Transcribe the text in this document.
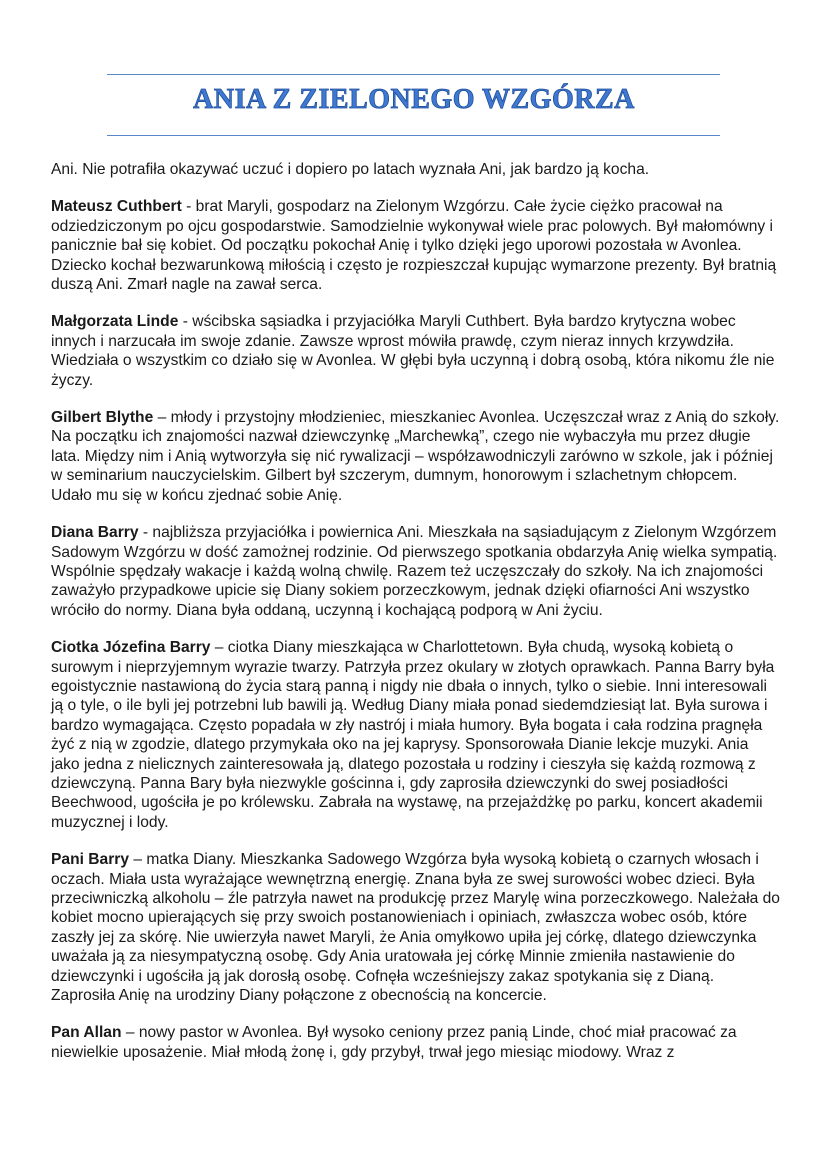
ANIA Z ZIELONEGO WZGÓRZA

Ani. Nie potrafiła okazywać uczuć i dopiero po latach wyznała Ani, jak bardzo ją kocha.

Mateusz Cuthbert - brat Maryli, gospodarz na Zielonym Wzgórzu. Całe życie ciężko pracował na odziedziczonym po ojcu gospodarstwie. Samodzielnie wykonywał wiele prac polowych. Był małomówny i panicznie bał się kobiet. Od początku pokochał Anię i tylko dzięki jego uporowi pozostała w Avonlea. Dziecko kochał bezwarunkową miłością i często je rozpieszczał kupując wymarzone prezenty. Był bratnią duszą Ani. Zmarł nagle na zawał serca.

Małgorzata Linde - wścibska sąsiadka i przyjaciółka Maryli Cuthbert. Była bardzo krytyczna wobec innych i narzucała im swoje zdanie. Zawsze wprost mówiła prawdę, czym nieraz innych krzywdziła. Wiedziała o wszystkim co działo się w Avonlea. W głębi była uczynną i dobrą osobą, która nikomu źle nie życzy.

Gilbert Blythe – młody i przystojny młodzieniec, mieszkaniec Avonlea. Uczęszczał wraz z Anią do szkoły. Na początku ich znajomości nazwał dziewczynkę „Marchewką”, czego nie wybaczyła mu przez długie lata. Między nim i Anią wytworzyła się nić rywalizacji – współzawodniczyli zarówno w szkole, jak i później w seminarium nauczycielskim. Gilbert był szczerym, dumnym, honorowym i szlachetnym chłopcem. Udało mu się w końcu zjednać sobie Anię.

Diana Barry - najbliższa przyjaciółka i powiernica Ani. Mieszkała na sąsiadującym z Zielonym Wzgórzem Sadowym Wzgórzu w dość zamożnej rodzinie. Od pierwszego spotkania obdarzyła Anię wielka sympatią. Wspólnie spędzały wakacje i każdą wolną chwilę. Razem też uczęszczały do szkoły. Na ich znajomości zaważyło przypadkowe upicie się Diany sokiem porzeczkowym, jednak dzięki ofiarności Ani wszystko wróciło do normy. Diana była oddaną, uczynną i kochającą podporą w Ani życiu.

Ciotka Józefina Barry – ciotka Diany mieszkająca w Charlottetown. Była chudą, wysoką kobietą o surowym i nieprzyjemnym wyrazie twarzy. Patrzyła przez okulary w złotych oprawkach. Panna Barry była egoistycznie nastawioną do życia starą panną i nigdy nie dbała o innych, tylko o siebie. Inni interesowali ją o tyle, o ile byli jej potrzebni lub bawili ją. Według Diany miała ponad siedemdziesiąt lat. Była surowa i bardzo wymagająca. Często popadała w zły nastrój i miała humory. Była bogata i cała rodzina pragnęła żyć z nią w zgodzie, dlatego przymykała oko na jej kaprysy. Sponsorowała Dianie lekcje muzyki. Ania jako jedna z nielicznych zainteresowała ją, dlatego pozostała u rodziny i cieszyła się każdą rozmową z dziewczyną. Panna Bary była niezwykle gościnna i, gdy zaprosiła dziewczynki do swej posiadłości Beechwood, ugościła je po królewsku. Zabrała na wystawę, na przejażdżkę po parku, koncert akademii muzycznej i lody.

Pani Barry – matka Diany. Mieszkanka Sadowego Wzgórza była wysoką kobietą o czarnych włosach i oczach. Miała usta wyrażające wewnętrzną energię. Znana była ze swej surowości wobec dzieci. Była przeciwniczką alkoholu – źle patrzyła nawet na produkcję przez Marylę wina porzeczkowego. Należała do kobiet mocno upierających się przy swoich postanowieniach i opiniach, zwłaszcza wobec osób, które zaszły jej za skórę. Nie uwierzyła nawet Maryli, że Ania omyłkowo upiła jej córkę, dlatego dziewczynka uważała ją za niesympatyczną osobę. Gdy Ania uratowała jej córkę Minnie zmieniła nastawienie do dziewczynki i ugościła ją jak dorosłą osobę. Cofnęła wcześniejszy zakaz spotykania się z Dianą. Zaprosiła Anię na urodziny Diany połączone z obecnością na koncercie.

Pan Allan – nowy pastor w Avonlea. Był wysoko ceniony przez panią Linde, choć miał pracować za niewielkie uposażenie. Miał młodą żonę i, gdy przybył, trwał jego miesiąc miodowy. Wraz z
